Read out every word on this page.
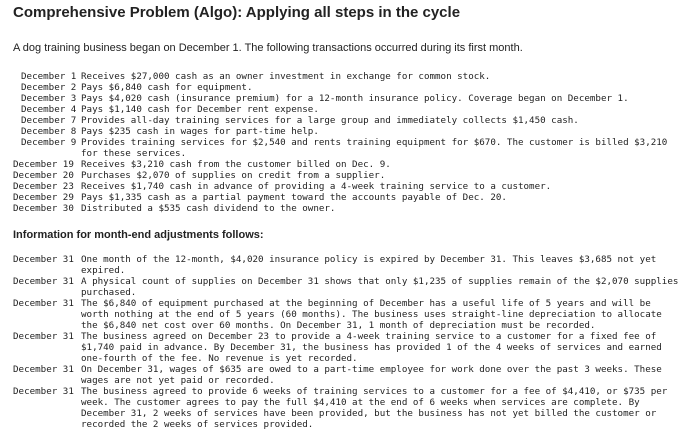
Comprehensive Problem (Algo): Applying all steps in the cycle
A dog training business began on December 1. The following transactions occurred during its first month.
December 1 Receives $27,000 cash as an owner investment in exchange for common stock.
December 2 Pays $6,840 cash for equipment.
December 3 Pays $4,020 cash (insurance premium) for a 12-month insurance policy. Coverage began on December 1.
December 4 Pays $1,140 cash for December rent expense.
December 7 Provides all-day training services for a large group and immediately collects $1,450 cash.
December 8 Pays $235 cash in wages for part-time help.
December 9 Provides training services for $2,540 and rents training equipment for $670. The customer is billed $3,210 for these services.
December 19 Receives $3,210 cash from the customer billed on Dec. 9.
December 20 Purchases $2,070 of supplies on credit from a supplier.
December 23 Receives $1,740 cash in advance of providing a 4-week training service to a customer.
December 29 Pays $1,335 cash as a partial payment toward the accounts payable of Dec. 20.
December 30 Distributed a $535 cash dividend to the owner.
Information for month-end adjustments follows:
December 31 One month of the 12-month, $4,020 insurance policy is expired by December 31. This leaves $3,685 not yet expired.
December 31 A physical count of supplies on December 31 shows that only $1,235 of supplies remain of the $2,070 supplies purchased.
December 31 The $6,840 of equipment purchased at the beginning of December has a useful life of 5 years and will be worth nothing at the end of 5 years (60 months). The business uses straight-line depreciation to allocate the $6,840 net cost over 60 months. On December 31, 1 month of depreciation must be recorded.
December 31 The business agreed on December 23 to provide a 4-week training service to a customer for a fixed fee of $1,740 paid in advance. By December 31, the business has provided 1 of the 4 weeks of services and earned one-fourth of the fee. No revenue is yet recorded.
December 31 On December 31, wages of $635 are owed to a part-time employee for work done over the past 3 weeks. These wages are not yet paid or recorded.
December 31 The business agreed to provide 6 weeks of training services to a customer for a fee of $4,410, or $735 per week. The customer agrees to pay the full $4,410 at the end of 6 weeks when services are complete. By December 31, 2 weeks of services have been provided, but the business has not yet billed the customer or recorded the 2 weeks of services provided.
